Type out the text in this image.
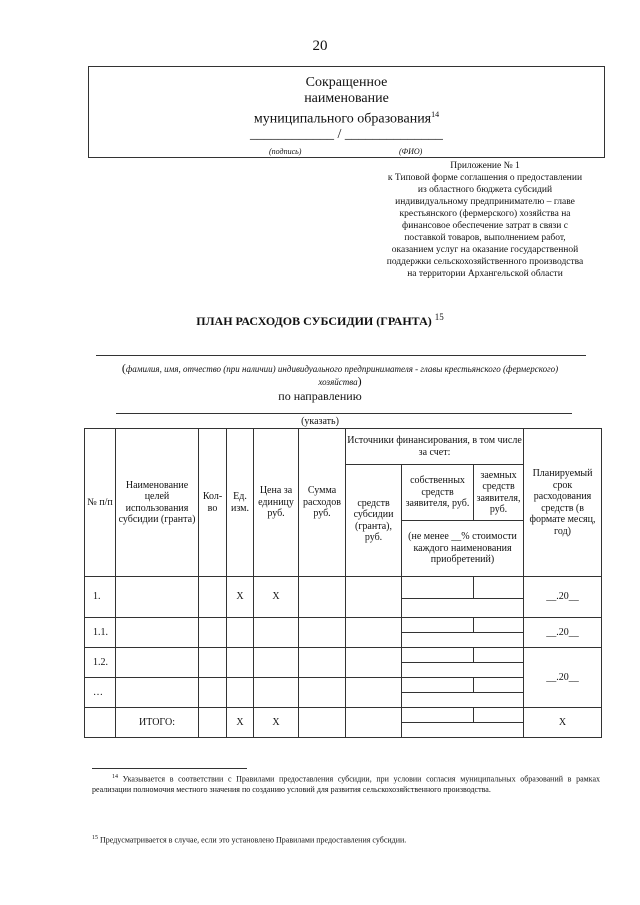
20
Сокращенное
наименование
муниципального образования$^{14}$
____________ / ______________
(подпись)	(ФИО)
Приложение № 1
к Типовой форме соглашения о предоставлении
из областного бюджета субсидий
индивидуальному предпринимателю – главе
крестьянского (фермерского) хозяйства на
финансовое обеспечение затрат в связи с
поставкой товаров, выполнением работ,
оказанием услуг на оказание государственной
поддержки сельскохозяйственного производства
на территории Архангельской области
ПЛАН РАСХОДОВ СУБСИДИИ (ГРАНТА) $^{15}$
(фамилия, имя, отчество (при наличии) индивидуального предпринимателя - главы крестьянского (фермерского) хозяйства)
по направлению
(указать)
№ п/п	Наименование целей использования субсидии (гранта)	Кол-во	Ед. изм.	Цена за единицу руб.	Сумма расходов руб.	Источники финансирования, в том числе за счет:			Планируемый срок расходования средств (в формате месяц, год)
						средств субсидии (гранта), руб.	собственных средств заявителя, руб.	заемных средств заявителя, руб.	
							(не менее __% стоимости каждого наименования приобретений)		
1.			Х	Х					__.20__

1.1.									__.20__

1.2.									__.20__

…									

	ИТОГО:		Х	Х					Х

$^{14}$ Указывается в соответствии с Правилами предоставления субсидии, при условии согласия муниципальных образований в рамках реализации полномочия местного значения по созданию условий для развития сельскохозяйственного производства.
$^{15}$ Предусматривается в случае, если это установлено Правилами предоставления субсидии.
